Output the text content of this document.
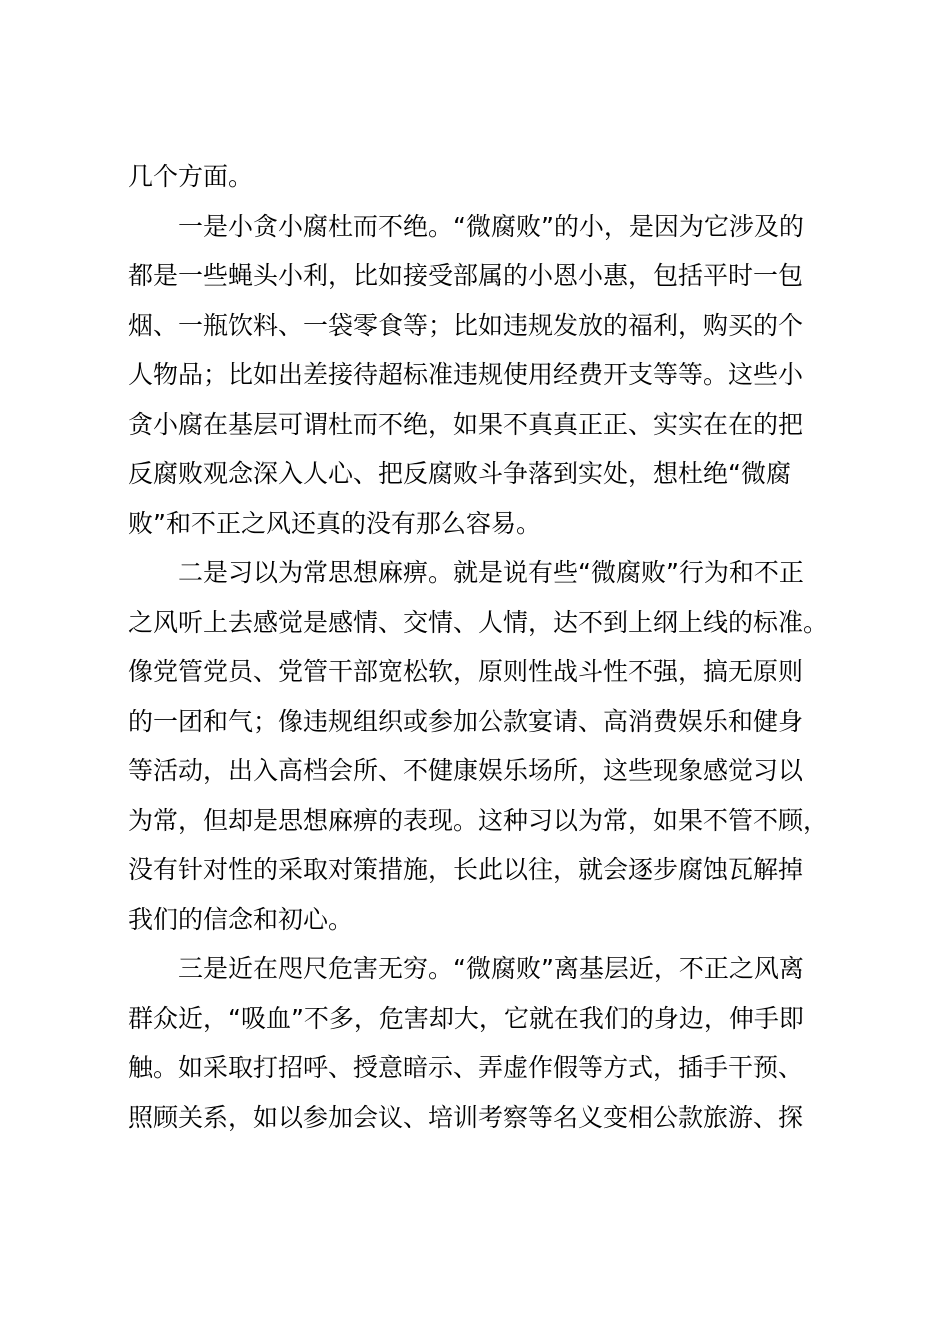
几个方面。
　　一是小贪小腐杜而不绝。“微腐败”的小，是因为它涉及的
都是一些蝇头小利，比如接受部属的小恩小惠，包括平时一包
烟、一瓶饮料、一袋零食等；比如违规发放的福利，购买的个
人物品；比如出差接待超标准违规使用经费开支等等。这些小
贪小腐在基层可谓杜而不绝，如果不真真正正、实实在在的把
反腐败观念深入人心、把反腐败斗争落到实处，想杜绝“微腐
败”和不正之风还真的没有那么容易。
　　二是习以为常思想麻痹。就是说有些“微腐败”行为和不正
之风听上去感觉是感情、交情、人情，达不到上纲上线的标准。
像党管党员、党管干部宽松软，原则性战斗性不强，搞无原则
的一团和气；像违规组织或参加公款宴请、高消费娱乐和健身
等活动，出入高档会所、不健康娱乐场所，这些现象感觉习以
为常，但却是思想麻痹的表现。这种习以为常，如果不管不顾，
没有针对性的采取对策措施，长此以往，就会逐步腐蚀瓦解掉
我们的信念和初心。
　　三是近在咫尺危害无穷。“微腐败”离基层近，不正之风离
群众近，“吸血”不多，危害却大，它就在我们的身边，伸手即
触。如采取打招呼、授意暗示、弄虚作假等方式，插手干预、
照顾关系，如以参加会议、培训考察等名义变相公款旅游、探
